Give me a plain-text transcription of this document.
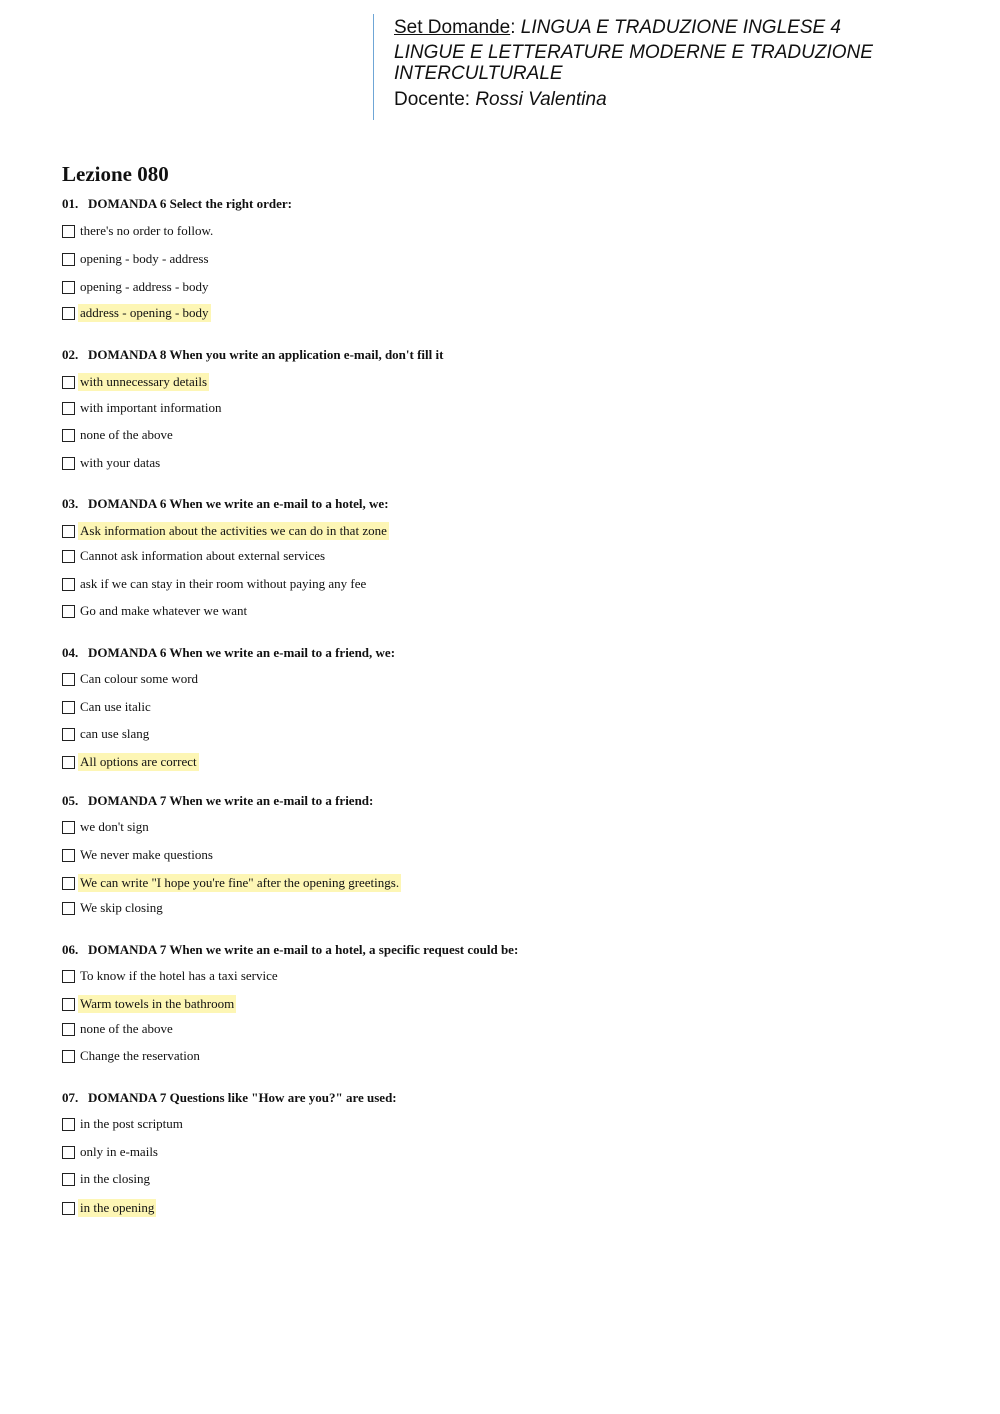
Set Domande: LINGUA E TRADUZIONE INGLESE 4
LINGUE E LETTERATURE MODERNE E TRADUZIONE INTERCULTURALE
Docente: Rossi Valentina
Lezione 080
01. DOMANDA 6 Select the right order:
there's no order to follow.
opening - body - address
opening - address - body
address - opening - body
02. DOMANDA 8 When you write an application e-mail, don't fill it
with unnecessary details
with important information
none of the above
with your datas
03. DOMANDA 6 When we write an e-mail to a hotel, we:
Ask information about the activities we can do in that zone
Cannot ask information about external services
ask if we can stay in their room without paying any fee
Go and make whatever we want
04. DOMANDA 6 When we write an e-mail to a friend, we:
Can colour some word
Can use italic
can use slang
All options are correct
05. DOMANDA 7 When we write an e-mail to a friend:
we don't sign
We never make questions
We can write "I hope you're fine" after the opening greetings.
We skip closing
06. DOMANDA 7 When we write an e-mail to a hotel, a specific request could be:
To know if the hotel has a taxi service
Warm towels in the bathroom
none of the above
Change the reservation
07. DOMANDA 7 Questions like "How are you?" are used:
in the post scriptum
only in e-mails
in the closing
in the opening
